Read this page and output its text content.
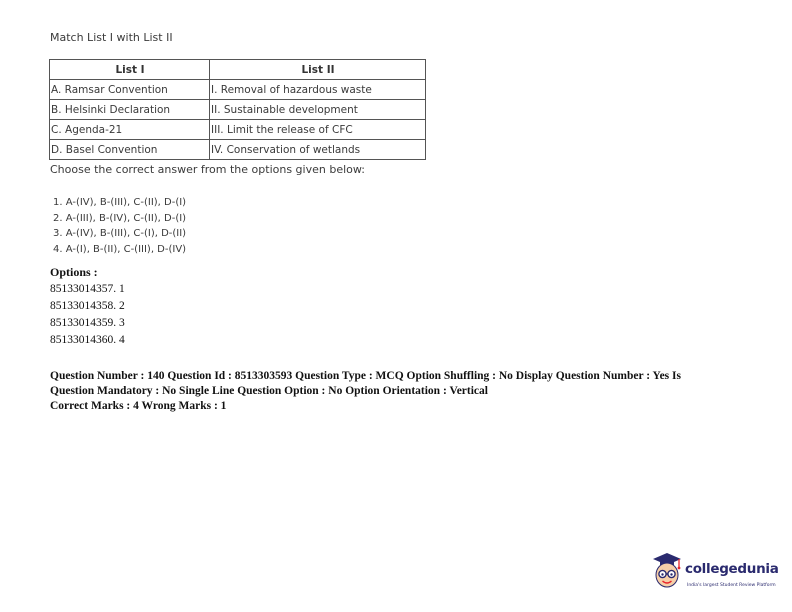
Match List I with List II
List I	List II
A. Ramsar Convention	I. Removal of hazardous waste
B. Helsinki Declaration	II. Sustainable development
C. Agenda-21	III. Limit the release of CFC
D. Basel Convention	IV. Conservation of wetlands
Choose the correct answer from the options given below:
1. A-(IV), B-(III), C-(II), D-(I)
2. A-(III), B-(IV), C-(II), D-(I)
3. A-(IV), B-(III), C-(I), D-(II)
4. A-(I), B-(II), C-(III), D-(IV)
Options :
85133014357. 1
85133014358. 2
85133014359. 3
85133014360. 4
Question Number : 140 Question Id : 8513303593 Question Type : MCQ Option Shuffling : No Display Question Number : Yes Is
Question Mandatory : No Single Line Question Option : No Option Orientation : Vertical
Correct Marks : 4 Wrong Marks : 1
collegedunia
India's largest Student Review Platform
